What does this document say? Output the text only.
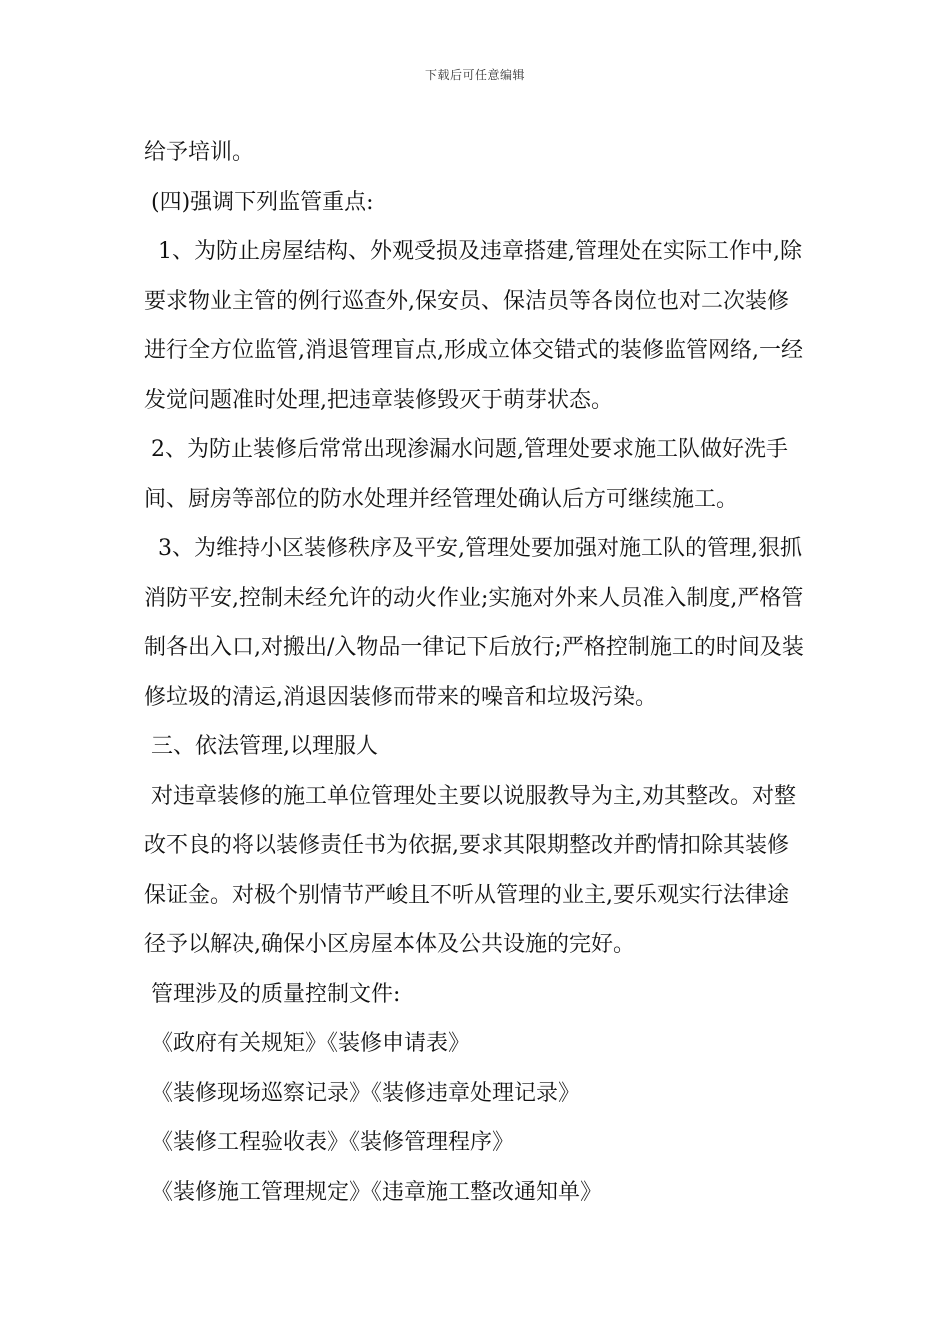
下载后可任意编辑

给予培训。

(四)强调下列监管重点:

1、为防止房屋结构、外观受损及违章搭建,管理处在实际工作中,除要求物业主管的例行巡查外,保安员、保洁员等各岗位也对二次装修进行全方位监管,消退管理盲点,形成立体交错式的装修监管网络,一经发觉问题准时处理,把违章装修毁灭于萌芽状态。

2、为防止装修后常常出现渗漏水问题,管理处要求施工队做好洗手间、厨房等部位的防水处理并经管理处确认后方可继续施工。

3、为维持小区装修秩序及平安,管理处要加强对施工队的管理,狠抓消防平安,控制未经允许的动火作业;实施对外来人员准入制度,严格管制各出入口,对搬出/入物品一律记下后放行;严格控制施工的时间及装修垃圾的清运,消退因装修而带来的噪音和垃圾污染。

三、依法管理,以理服人

对违章装修的施工单位管理处主要以说服教导为主,劝其整改。对整改不良的将以装修责任书为依据,要求其限期整改并酌情扣除其装修保证金。对极个别情节严峻且不听从管理的业主,要乐观实行法律途径予以解决,确保小区房屋本体及公共设施的完好。

管理涉及的质量控制文件:

《政府有关规矩》《装修申请表》

《装修现场巡察记录》《装修违章处理记录》

《装修工程验收表》《装修管理程序》

《装修施工管理规定》《违章施工整改通知单》
